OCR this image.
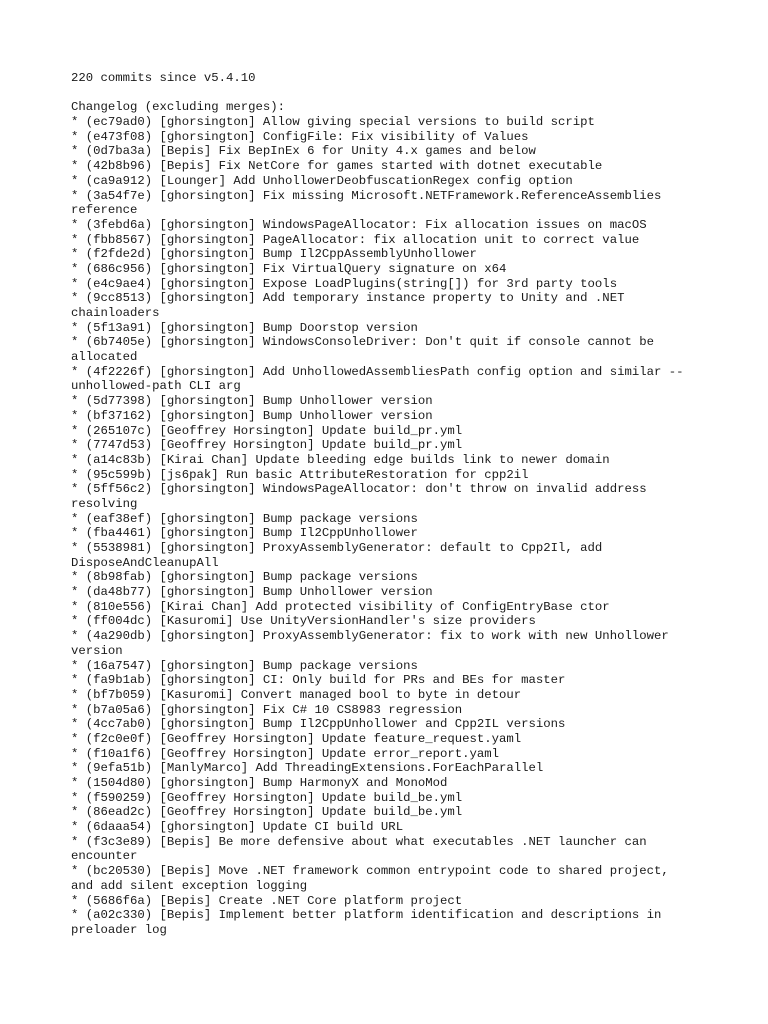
220 commits since v5.4.10
Changelog (excluding merges):
* (ec79ad0) [ghorsington] Allow giving special versions to build script
* (e473f08) [ghorsington] ConfigFile: Fix visibility of Values
* (0d7ba3a) [Bepis] Fix BepInEx 6 for Unity 4.x games and below
* (42b8b96) [Bepis] Fix NetCore for games started with dotnet executable
* (ca9a912) [Lounger] Add UnhollowerDeobfuscationRegex config option
* (3a54f7e) [ghorsington] Fix missing Microsoft.NETFramework.ReferenceAssemblies
reference
* (3febd6a) [ghorsington] WindowsPageAllocator: Fix allocation issues on macOS
* (fbb8567) [ghorsington] PageAllocator: fix allocation unit to correct value
* (f2fde2d) [ghorsington] Bump Il2CppAssemblyUnhollower
* (686c956) [ghorsington] Fix VirtualQuery signature on x64
* (e4c9ae4) [ghorsington] Expose LoadPlugins(string[]) for 3rd party tools
* (9cc8513) [ghorsington] Add temporary instance property to Unity and .NET
chainloaders
* (5f13a91) [ghorsington] Bump Doorstop version
* (6b7405e) [ghorsington] WindowsConsoleDriver: Don't quit if console cannot be
allocated
* (4f2226f) [ghorsington] Add UnhollowedAssembliesPath config option and similar --
unhollowed-path CLI arg
* (5d77398) [ghorsington] Bump Unhollower version
* (bf37162) [ghorsington] Bump Unhollower version
* (265107c) [Geoffrey Horsington] Update build_pr.yml
* (7747d53) [Geoffrey Horsington] Update build_pr.yml
* (a14c83b) [Kirai Chan] Update bleeding edge builds link to newer domain
* (95c599b) [js6pak] Run basic AttributeRestoration for cpp2il
* (5ff56c2) [ghorsington] WindowsPageAllocator: don't throw on invalid address
resolving
* (eaf38ef) [ghorsington] Bump package versions
* (fba4461) [ghorsington] Bump Il2CppUnhollower
* (5538981) [ghorsington] ProxyAssemblyGenerator: default to Cpp2Il, add
DisposeAndCleanupAll
* (8b98fab) [ghorsington] Bump package versions
* (da48b77) [ghorsington] Bump Unhollower version
* (810e556) [Kirai Chan] Add protected visibility of ConfigEntryBase ctor
* (ff004dc) [Kasuromi] Use UnityVersionHandler's size providers
* (4a290db) [ghorsington] ProxyAssemblyGenerator: fix to work with new Unhollower
version
* (16a7547) [ghorsington] Bump package versions
* (fa9b1ab) [ghorsington] CI: Only build for PRs and BEs for master
* (bf7b059) [Kasuromi] Convert managed bool to byte in detour
* (b7a05a6) [ghorsington] Fix C# 10 CS8983 regression
* (4cc7ab0) [ghorsington] Bump Il2CppUnhollower and Cpp2IL versions
* (f2c0e0f) [Geoffrey Horsington] Update feature_request.yaml
* (f10a1f6) [Geoffrey Horsington] Update error_report.yaml
* (9efa51b) [ManlyMarco] Add ThreadingExtensions.ForEachParallel
* (1504d80) [ghorsington] Bump HarmonyX and MonoMod
* (f590259) [Geoffrey Horsington] Update build_be.yml
* (86ead2c) [Geoffrey Horsington] Update build_be.yml
* (6daaa54) [ghorsington] Update CI build URL
* (f3c3e89) [Bepis] Be more defensive about what executables .NET launcher can
encounter
* (bc20530) [Bepis] Move .NET framework common entrypoint code to shared project,
and add silent exception logging
* (5686f6a) [Bepis] Create .NET Core platform project
* (a02c330) [Bepis] Implement better platform identification and descriptions in
preloader log
